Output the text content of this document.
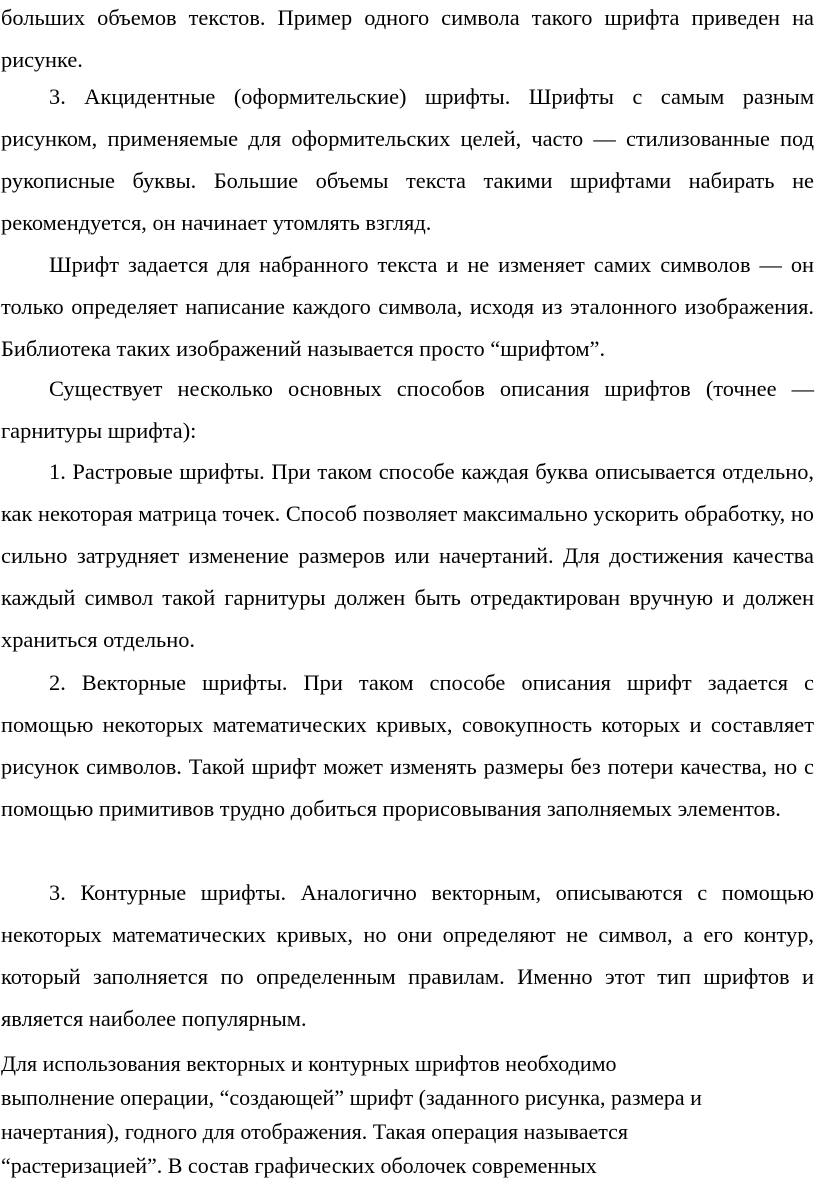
больших объемов текстов. Пример одного символа такого шрифта приведен на рисунке.

3. Акцидентные (оформительские) шрифты. Шрифты с самым разным рисунком, применяемые для оформительских целей, часто — стилизованные под рукописные буквы. Большие объемы текста такими шрифтами набирать не рекомендуется, он начинает утомлять взгляд.

Шрифт задается для набранного текста и не изменяет самих символов — он только определяет написание каждого символа, исходя из эталонного изображения. Библиотека таких изображений называется просто “шрифтом”.

Существует несколько основных способов описания шрифтов (точнее — гарнитуры шрифта):

1. Растровые шрифты. При таком способе каждая буква описывается отдельно, как некоторая матрица точек. Способ позволяет максимально ускорить обработку, но сильно затрудняет изменение размеров или начертаний. Для достижения качества каждый символ такой гарнитуры должен быть отредактирован вручную и должен храниться отдельно.

2. Векторные шрифты. При таком способе описания шрифт задается с помощью некоторых математических кривых, совокупность которых и составляет рисунок символов. Такой шрифт может изменять размеры без потери качества, но с помощью примитивов трудно добиться прорисовывания заполняемых элементов.

3. Контурные шрифты. Аналогично векторным, описываются с помощью некоторых математических кривых, но они определяют не символ, а его контур, который заполняется по определенным правилам. Именно этот тип шрифтов и является наиболее популярным.

Для использования векторных и контурных шрифтов необходимо
выполнение операции, “создающей” шрифт (заданного рисунка, размера и
начертания), годного для отображения. Такая операция называется
“растеризацией”. В состав графических оболочек современных
